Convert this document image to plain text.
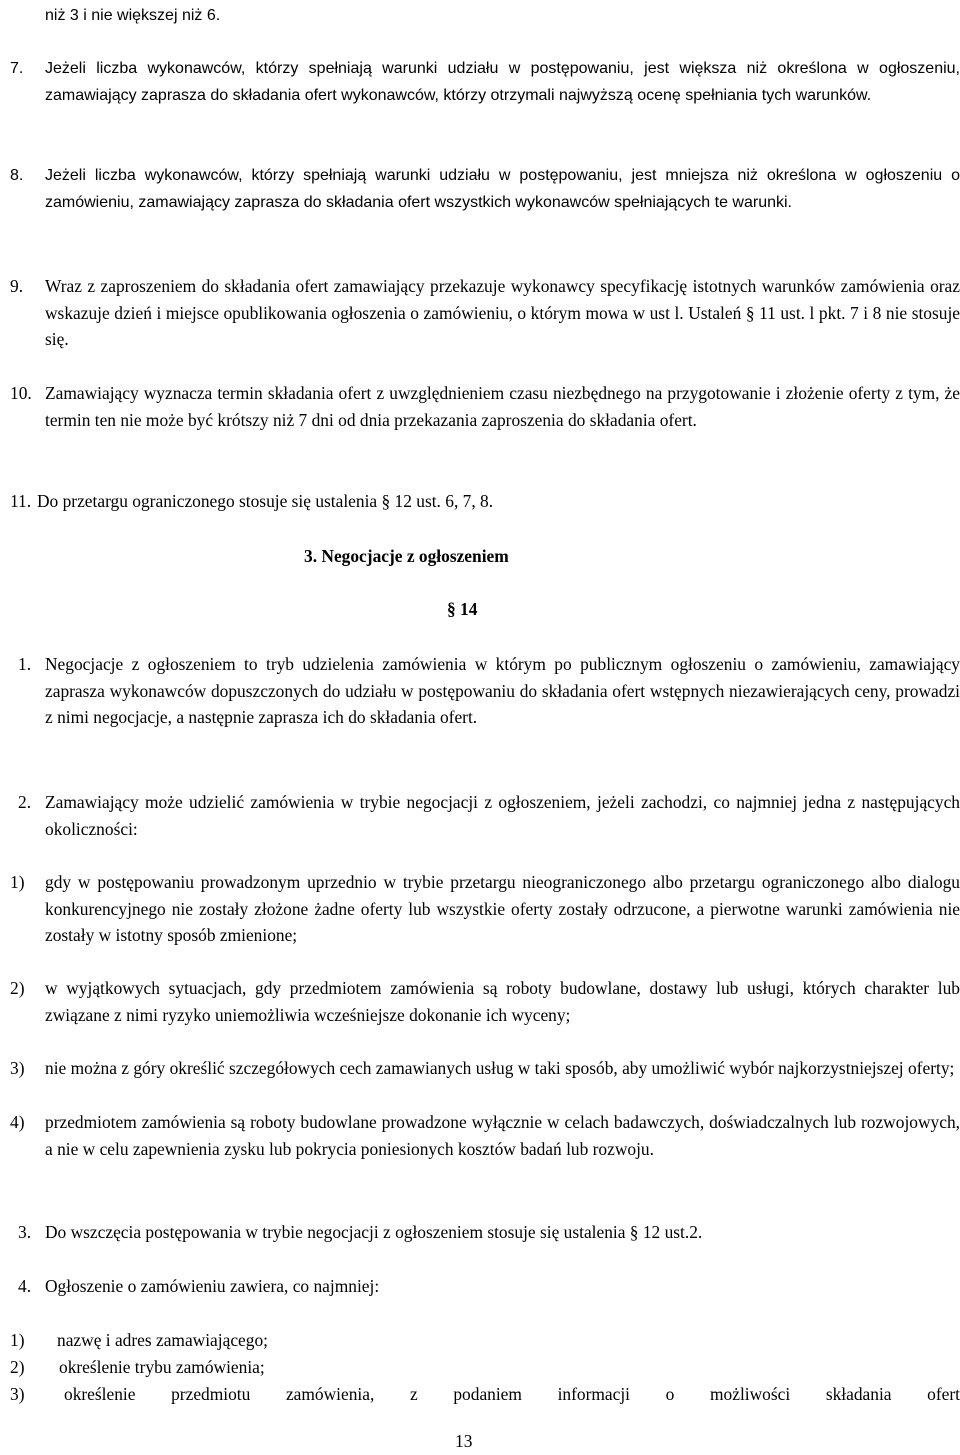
niż 3 i nie większej niż 6.
7. Jeżeli liczba wykonawców, którzy spełniają warunki udziału w postępowaniu, jest większa niż określona w ogłoszeniu, zamawiający zaprasza do składania ofert wykonawców, którzy otrzymali najwyższą ocenę spełniania tych warunków.
8. Jeżeli liczba wykonawców, którzy spełniają warunki udziału w postępowaniu, jest mniejsza niż określona w ogłoszeniu o zamówieniu, zamawiający zaprasza do składania ofert wszystkich wykonawców spełniających te warunki.
9. Wraz z zaproszeniem do składania ofert zamawiający przekazuje wykonawcy specyfikację istotnych warunków zamówienia oraz wskazuje dzień i miejsce opublikowania ogłoszenia o zamówieniu, o którym mowa w ust l. Ustaleń § 11 ust. l pkt. 7 i 8 nie stosuje się.
10. Zamawiający wyznacza termin składania ofert z uwzględnieniem czasu niezbędnego na przygotowanie i złożenie oferty z tym, że termin ten nie może być krótszy niż 7 dni od dnia przekazania zaproszenia do składania ofert.
11. Do przetargu ograniczonego stosuje się ustalenia § 12 ust. 6, 7, 8.
3. Negocjacje z ogłoszeniem
§ 14
1. Negocjacje z ogłoszeniem to tryb udzielenia zamówienia w którym po publicznym ogłoszeniu o zamówieniu, zamawiający zaprasza wykonawców dopuszczonych do udziału w postępowaniu do składania ofert wstępnych niezawierających ceny, prowadzi z nimi negocjacje, a następnie zaprasza ich do składania ofert.
2. Zamawiający może udzielić zamówienia w trybie negocjacji z ogłoszeniem, jeżeli zachodzi, co najmniej jedna z następujących okoliczności:
1) gdy w postępowaniu prowadzonym uprzednio w trybie przetargu nieograniczonego albo przetargu ograniczonego albo dialogu konkurencyjnego nie zostały złożone żadne oferty lub wszystkie oferty zostały odrzucone, a pierwotne warunki zamówienia nie zostały w istotny sposób zmienione;
2) w wyjątkowych sytuacjach, gdy przedmiotem zamówienia są roboty budowlane, dostawy lub usługi, których charakter lub związane z nimi ryzyko uniemożliwia wcześniejsze dokonanie ich wyceny;
3) nie można z góry określić szczegółowych cech zamawianych usług w taki sposób, aby umożliwić wybór najkorzystniejszej oferty;
4) przedmiotem zamówienia są roboty budowlane prowadzone wyłącznie w celach badawczych, doświadczalnych lub rozwojowych, a nie w celu zapewnienia zysku lub pokrycia poniesionych kosztów badań lub rozwoju.
3. Do wszczęcia postępowania w trybie negocjacji z ogłoszeniem stosuje się ustalenia § 12 ust.2.
4. Ogłoszenie o zamówieniu zawiera, co najmniej:
1) nazwę i adres zamawiającego;
2) określenie trybu zamówienia;
3) określenie przedmiotu zamówienia, z podaniem informacji o możliwości składania ofert
13
